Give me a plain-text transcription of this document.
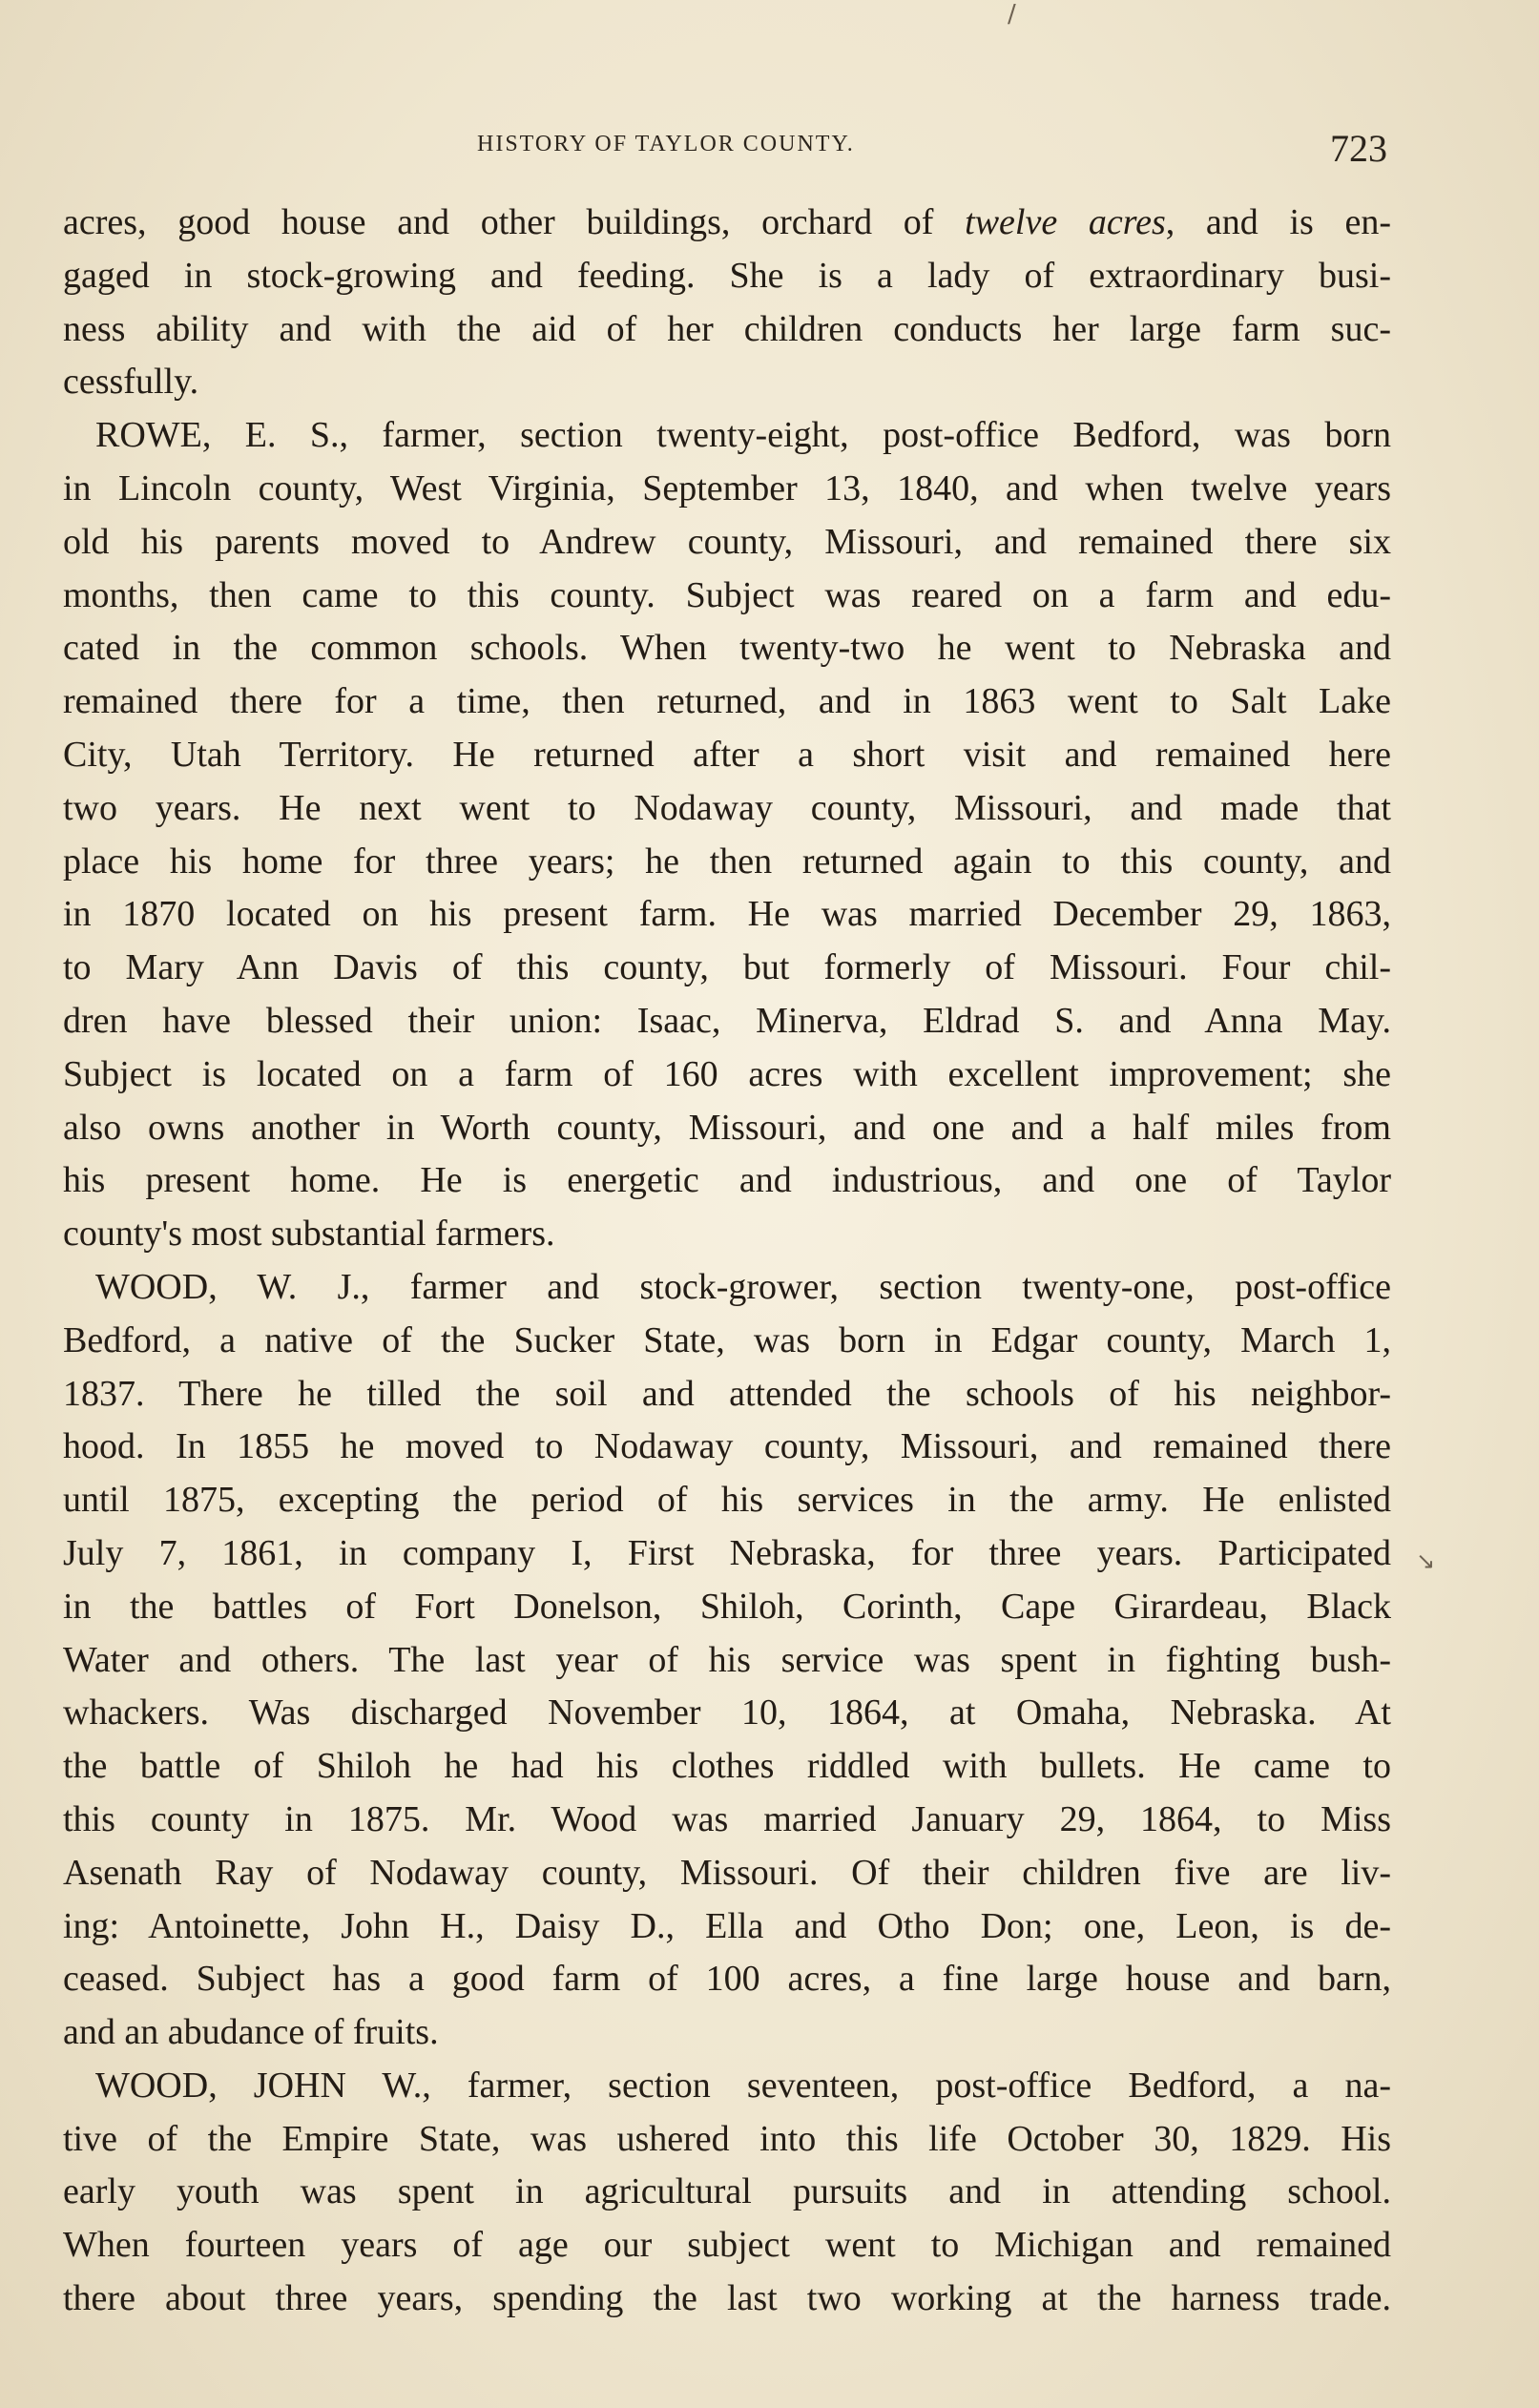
/
↘
HISTORY OF TAYLOR COUNTY.	723
acres, good house and other buildings, orchard of twelve acres, and is en-
gaged in stock-growing and feeding. She is a lady of extraordinary busi-
ness ability and with the aid of her children conducts her large farm suc-
cessfully.
ROWE, E. S., farmer, section twenty-eight, post-office Bedford, was born
in Lincoln county, West Virginia, September 13, 1840, and when twelve years
old his parents moved to Andrew county, Missouri, and remained there six
months, then came to this county. Subject was reared on a farm and edu-
cated in the common schools. When twenty-two he went to Nebraska and
remained there for a time, then returned, and in 1863 went to Salt Lake
City, Utah Territory. He returned after a short visit and remained here
two years. He next went to Nodaway county, Missouri, and made that
place his home for three years; he then returned again to this county, and
in 1870 located on his present farm. He was married December 29, 1863,
to Mary Ann Davis of this county, but formerly of Missouri. Four chil-
dren have blessed their union: Isaac, Minerva, Eldrad S. and Anna May.
Subject is located on a farm of 160 acres with excellent improvement; she
also owns another in Worth county, Missouri, and one and a half miles from
his present home. He is energetic and industrious, and one of Taylor
county's most substantial farmers.
WOOD, W. J., farmer and stock-grower, section twenty-one, post-office
Bedford, a native of the Sucker State, was born in Edgar county, March 1,
1837. There he tilled the soil and attended the schools of his neighbor-
hood. In 1855 he moved to Nodaway county, Missouri, and remained there
until 1875, excepting the period of his services in the army. He enlisted
July 7, 1861, in company I, First Nebraska, for three years. Participated
in the battles of Fort Donelson, Shiloh, Corinth, Cape Girardeau, Black
Water and others. The last year of his service was spent in fighting bush-
whackers. Was discharged November 10, 1864, at Omaha, Nebraska. At
the battle of Shiloh he had his clothes riddled with bullets. He came to
this county in 1875. Mr. Wood was married January 29, 1864, to Miss
Asenath Ray of Nodaway county, Missouri. Of their children five are liv-
ing: Antoinette, John H., Daisy D., Ella and Otho Don; one, Leon, is de-
ceased. Subject has a good farm of 100 acres, a fine large house and barn,
and an abudance of fruits.
WOOD, JOHN W., farmer, section seventeen, post-office Bedford, a na-
tive of the Empire State, was ushered into this life October 30, 1829. His
early youth was spent in agricultural pursuits and in attending school.
When fourteen years of age our subject went to Michigan and remained
there about three years, spending the last two working at the harness trade.
